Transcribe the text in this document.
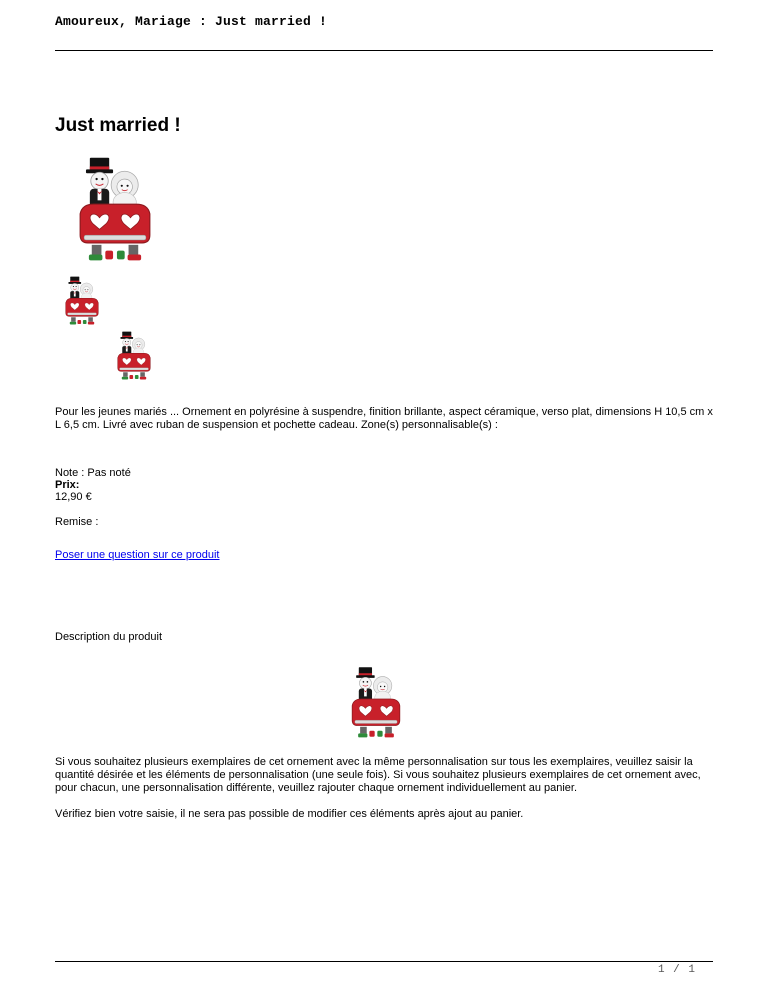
Amoureux, Mariage : Just married !
Just married !
Pour les jeunes mariés ... Ornement en polyrésine à suspendre, finition brillante, aspect céramique, verso plat, dimensions H 10,5 cm x L 6,5 cm. Livré avec ruban de suspension et pochette cadeau. Zone(s) personnalisable(s) :
Note : Pas noté
Prix:
12,90 €
Remise :
Poser une question sur ce produit
Description du produit
Si vous souhaitez plusieurs exemplaires de cet ornement avec la même personnalisation sur tous les exemplaires, veuillez saisir la quantité désirée et les éléments de personnalisation (une seule fois). Si vous souhaitez plusieurs exemplaires de cet ornement avec, pour chacun, une personnalisation différente, veuillez rajouter chaque ornement individuellement au panier.
Vérifiez bien votre saisie, il ne sera pas possible de modifier ces éléments après ajout au panier.
1 / 1
